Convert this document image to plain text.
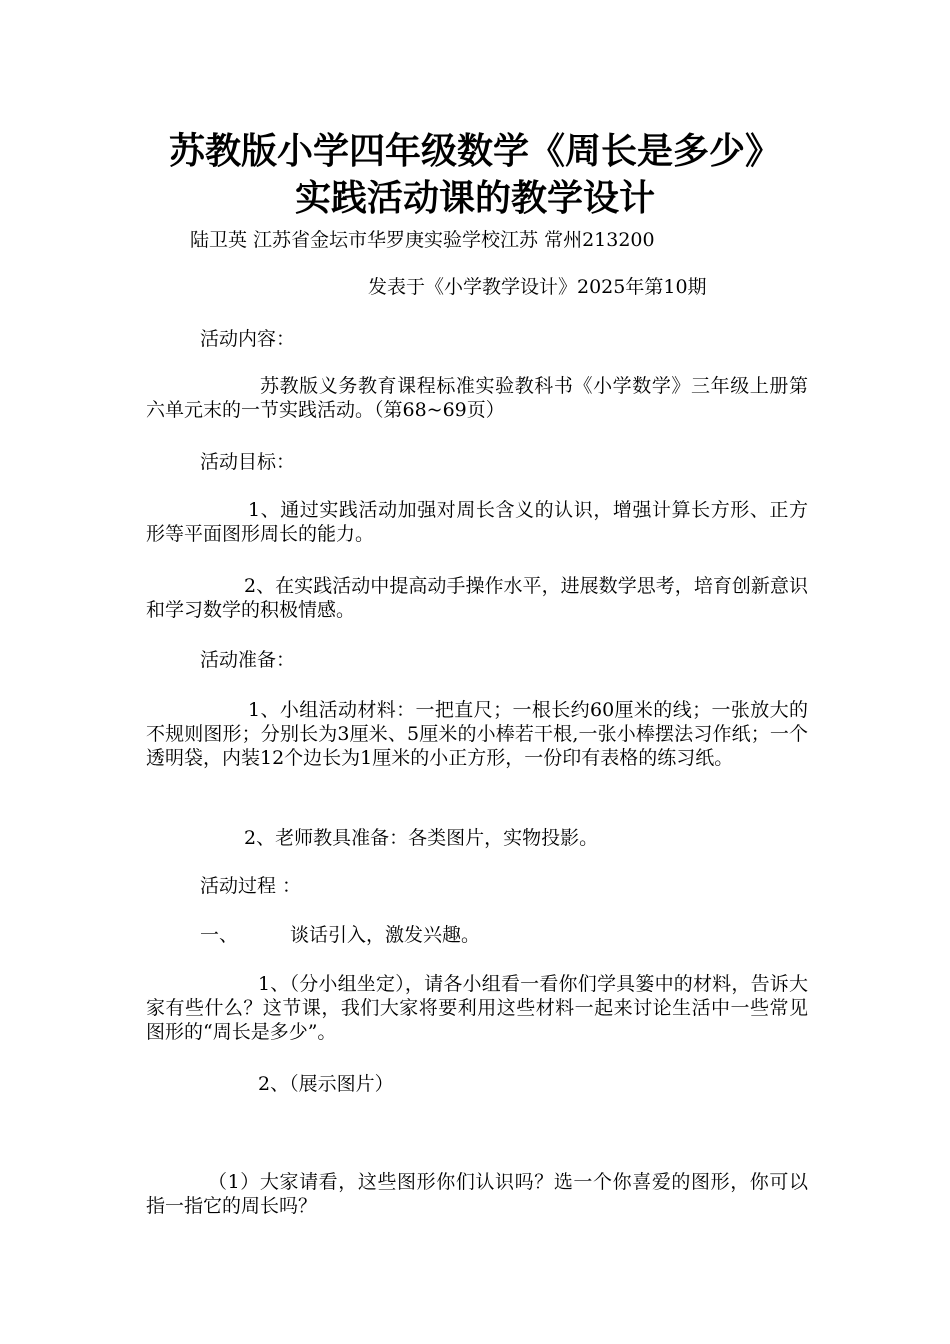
苏教版小学四年级数学《周长是多少》
实践活动课的教学设计

陆卫英 江苏省金坛市华罗庚实验学校江苏 常州213200

发表于《小学教学设计》2025年第10期

活动内容：

苏教版义务教育课程标准实验教科书《小学数学》三年级上册第六单元末的一节实践活动。（第68~69页）

活动目标：

1、通过实践活动加强对周长含义的认识，增强计算长方形、正方形等平面图形周长的能力。

2、在实践活动中提高动手操作水平，进展数学思考，培育创新意识和学习数学的积极情感。

活动准备：

1、小组活动材料：一把直尺；一根长约60厘米的线；一张放大的不规则图形；分别长为3厘米、5厘米的小棒若干根,一张小棒摆法习作纸；一个透明袋，内装12个边长为1厘米的小正方形，一份印有表格的练习纸。

2、老师教具准备：各类图片，实物投影。

活动过程 ：

一、	谈话引入，激发兴趣。

1、（分小组坐定），请各小组看一看你们学具篓中的材料，告诉大家有些什么？这节课，我们大家将要利用这些材料一起来讨论生活中一些常见图形的“周长是多少”。

2、（展示图片）

（1）大家请看，这些图形你们认识吗？选一个你喜爱的图形，你可以指一指它的周长吗？
